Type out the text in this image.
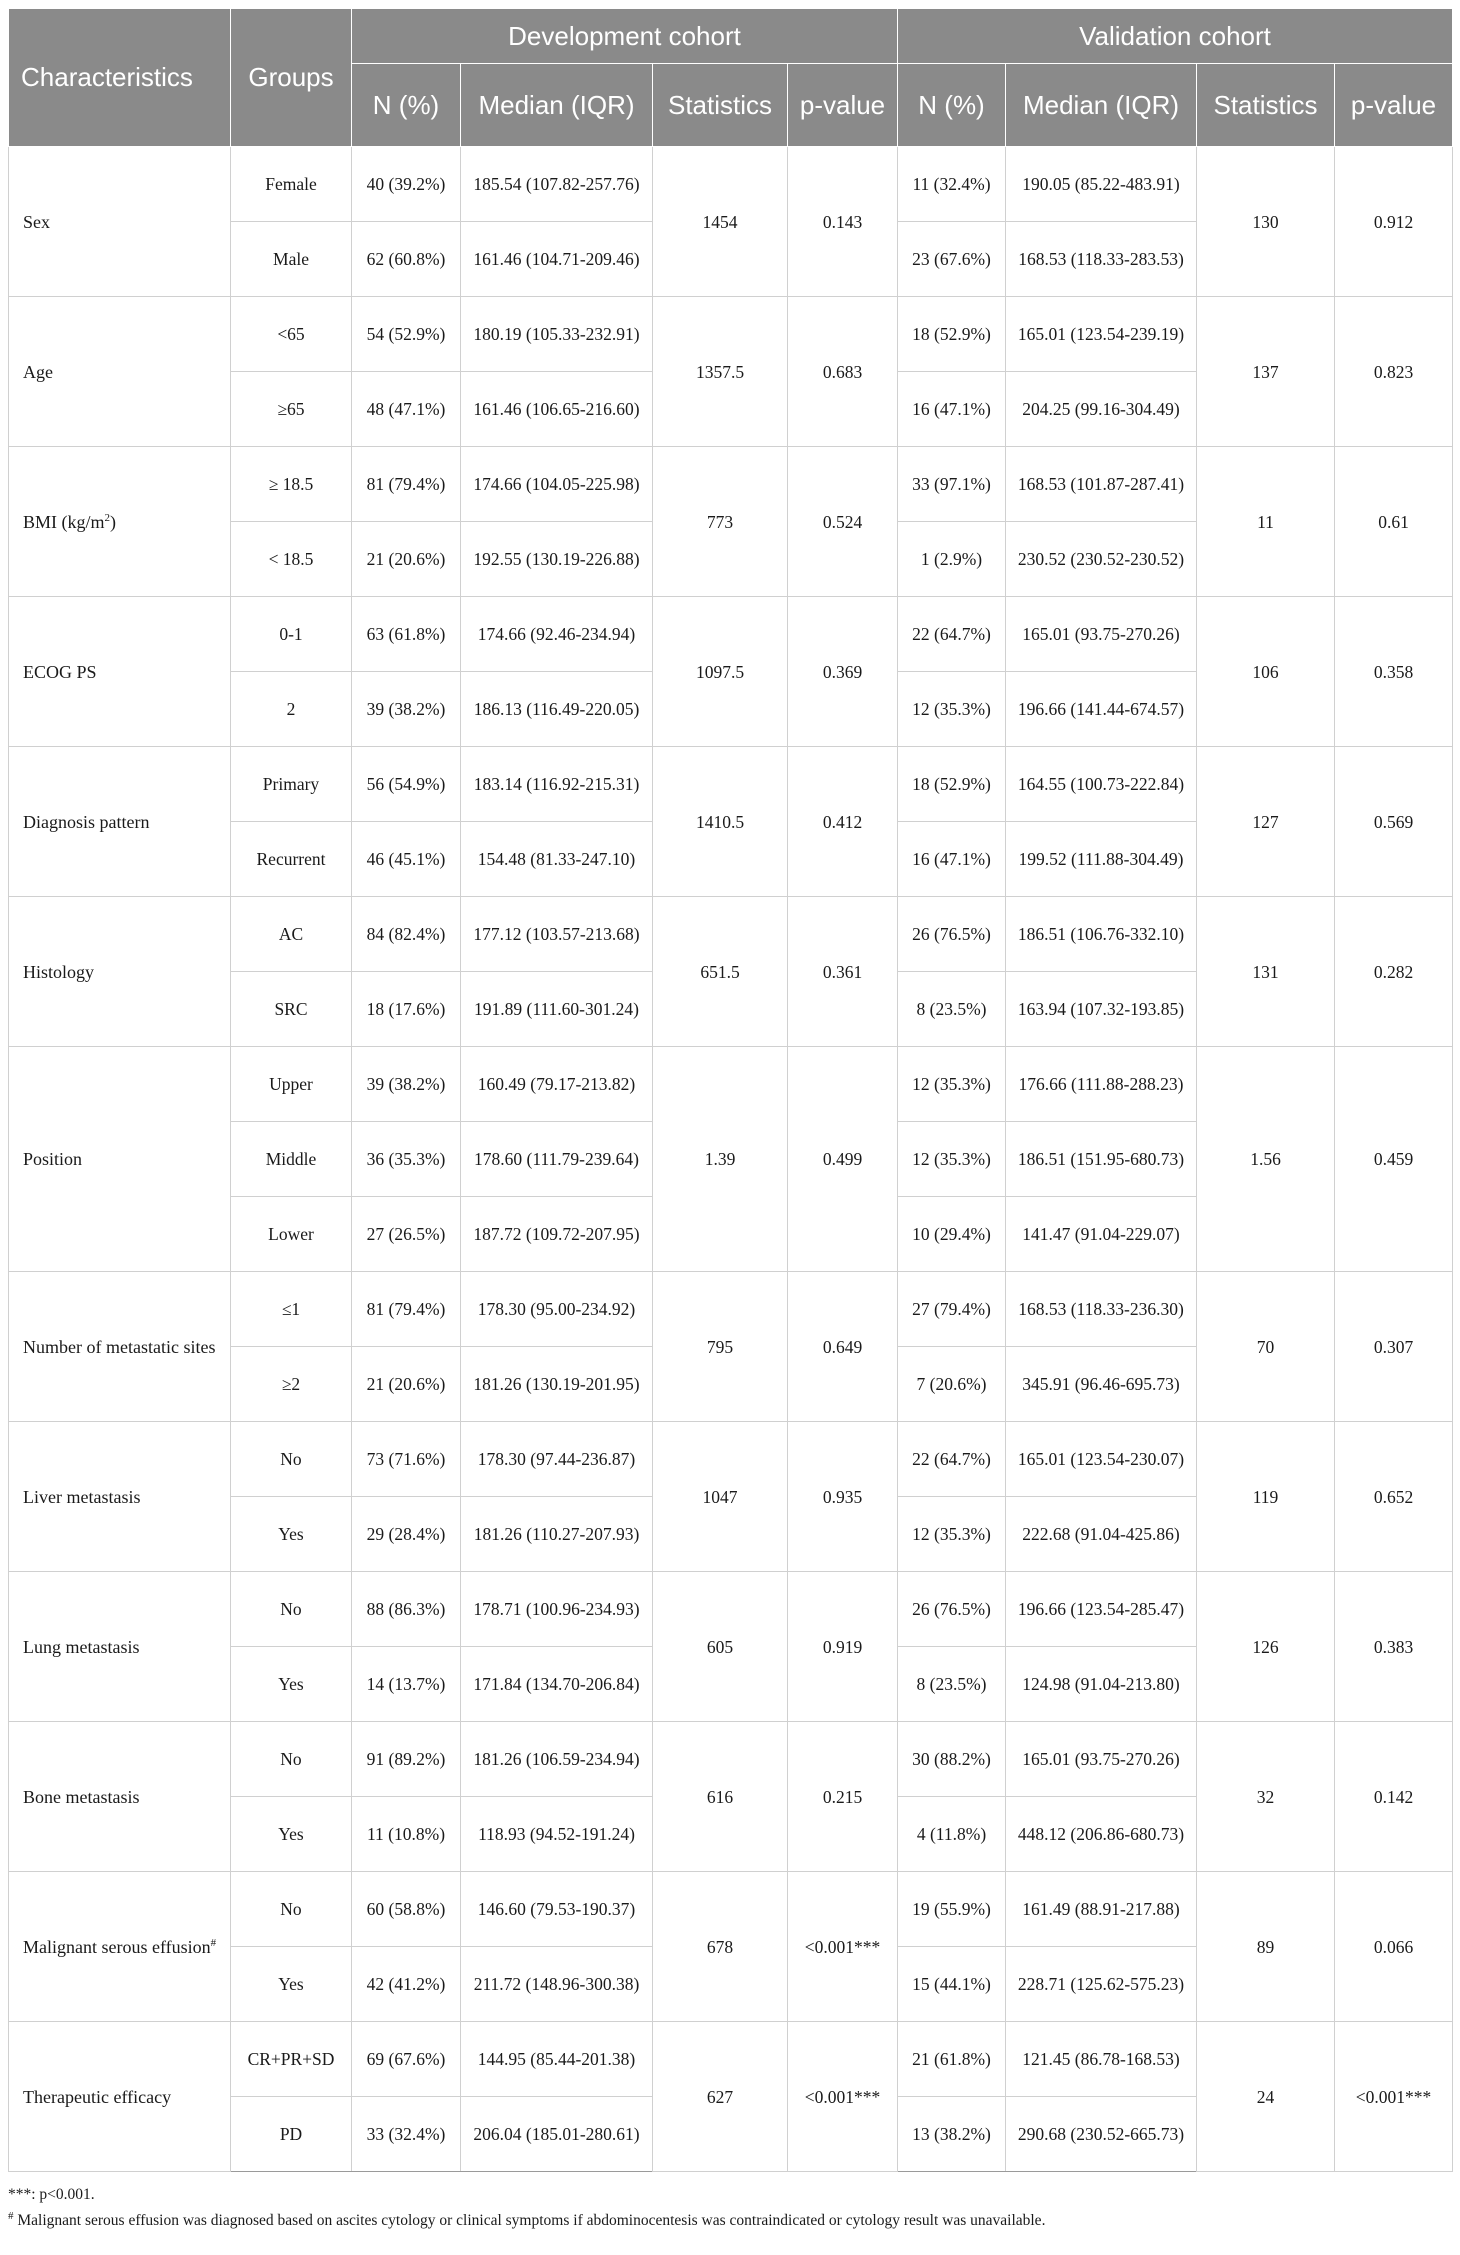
Characteristics	Groups	Development cohort				Validation cohort			
		N (%)	Median (IQR)	Statistics	p-value	N (%)	Median (IQR)	Statistics	p-value
Sex	Female	40 (39.2%)	185.54 (107.82-257.76)	1454	0.143	11 (32.4%)	190.05 (85.22-483.91)	130	0.912
	Male	62 (60.8%)	161.46 (104.71-209.46)			23 (67.6%)	168.53 (118.33-283.53)		
Age	<65	54 (52.9%)	180.19 (105.33-232.91)	1357.5	0.683	18 (52.9%)	165.01 (123.54-239.19)	137	0.823
	≥65	48 (47.1%)	161.46 (106.65-216.60)			16 (47.1%)	204.25 (99.16-304.49)		
BMI $(kg/m^2)$	≥ 18.5	81 (79.4%)	174.66 (104.05-225.98)	773	0.524	33 (97.1%)	168.53 (101.87-287.41)	11	0.61
	< 18.5	21 (20.6%)	192.55 (130.19-226.88)			1 (2.9%)	230.52 (230.52-230.52)		
ECOG PS	0-1	63 (61.8%)	174.66 (92.46-234.94)	1097.5	0.369	22 (64.7%)	165.01 (93.75-270.26)	106	0.358
	2	39 (38.2%)	186.13 (116.49-220.05)			12 (35.3%)	196.66 (141.44-674.57)		
Diagnosis pattern	Primary	56 (54.9%)	183.14 (116.92-215.31)	1410.5	0.412	18 (52.9%)	164.55 (100.73-222.84)	127	0.569
	Recurrent	46 (45.1%)	154.48 (81.33-247.10)			16 (47.1%)	199.52 (111.88-304.49)		
Histology	AC	84 (82.4%)	177.12 (103.57-213.68)	651.5	0.361	26 (76.5%)	186.51 (106.76-332.10)	131	0.282
	SRC	18 (17.6%)	191.89 (111.60-301.24)			8 (23.5%)	163.94 (107.32-193.85)		
Position	Upper	39 (38.2%)	160.49 (79.17-213.82)	1.39	0.499	12 (35.3%)	176.66 (111.88-288.23)	1.56	0.459
	Middle	36 (35.3%)	178.60 (111.79-239.64)			12 (35.3%)	186.51 (151.95-680.73)		
	Lower	27 (26.5%)	187.72 (109.72-207.95)			10 (29.4%)	141.47 (91.04-229.07)		
Number of metastatic sites	≤1	81 (79.4%)	178.30 (95.00-234.92)	795	0.649	27 (79.4%)	168.53 (118.33-236.30)	70	0.307
	≥2	21 (20.6%)	181.26 (130.19-201.95)			7 (20.6%)	345.91 (96.46-695.73)		
Liver metastasis	No	73 (71.6%)	178.30 (97.44-236.87)	1047	0.935	22 (64.7%)	165.01 (123.54-230.07)	119	0.652
	Yes	29 (28.4%)	181.26 (110.27-207.93)			12 (35.3%)	222.68 (91.04-425.86)		
Lung metastasis	No	88 (86.3%)	178.71 (100.96-234.93)	605	0.919	26 (76.5%)	196.66 (123.54-285.47)	126	0.383
	Yes	14 (13.7%)	171.84 (134.70-206.84)			8 (23.5%)	124.98 (91.04-213.80)		
Bone metastasis	No	91 (89.2%)	181.26 (106.59-234.94)	616	0.215	30 (88.2%)	165.01 (93.75-270.26)	32	0.142
	Yes	11 (10.8%)	118.93 (94.52-191.24)			4 (11.8%)	448.12 (206.86-680.73)		
Malignant serous effusion#	No	60 (58.8%)	146.60 (79.53-190.37)	678	<0.001***	19 (55.9%)	161.49 (88.91-217.88)	89	0.066
	Yes	42 (41.2%)	211.72 (148.96-300.38)			15 (44.1%)	228.71 (125.62-575.23)		
Therapeutic efficacy	CR+PR+SD	69 (67.6%)	144.95 (85.44-201.38)	627	<0.001***	21 (61.8%)	121.45 (86.78-168.53)	24	<0.001***
	PD	33 (32.4%)	206.04 (185.01-280.61)			13 (38.2%)	290.68 (230.52-665.73)		
***: p<0.001.
# Malignant serous effusion was diagnosed based on ascites cytology or clinical symptoms if abdominocentesis was contraindicated or cytology result was unavailable.
